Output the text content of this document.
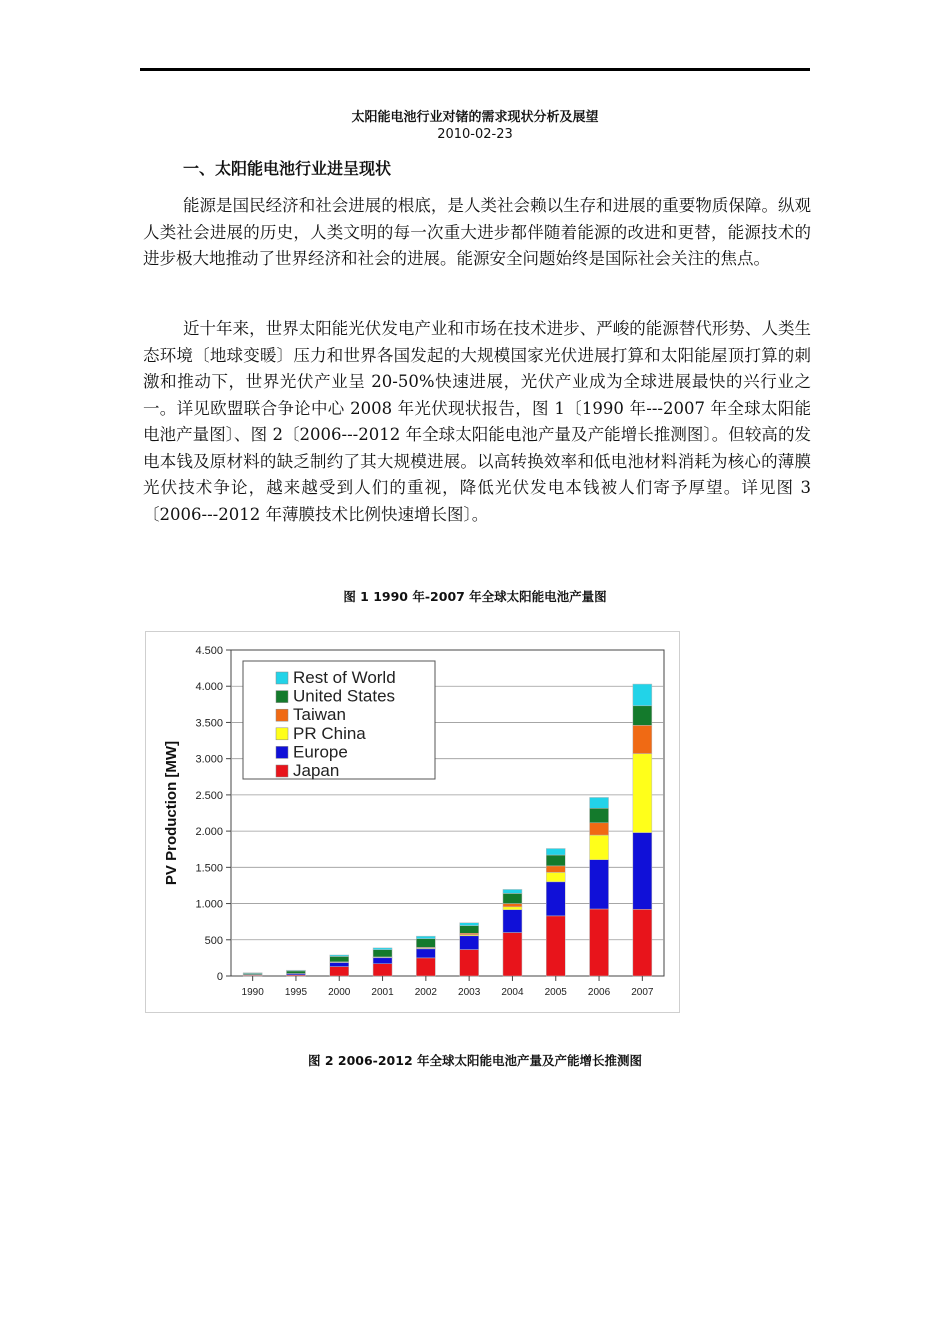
太阳能电池行业对锗的需求现状分析及展望
2010-02-23
一、太阳能电池行业进呈现状

能源是国民经济和社会进展的根底，是人类社会赖以生存和进展的重要物质保障。纵观人类社会进展的历史，人类文明的每一次重大进步都伴随着能源的改进和更替，能源技术的进步极大地推动了世界经济和社会的进展。能源安全问题始终是国际社会关注的焦点。

近十年来，世界太阳能光伏发电产业和市场在技术进步、严峻的能源替代形势、人类生态环境〔地球变暖〕压力和世界各国发起的大规模国家光伏进展打算和太阳能屋顶打算的刺激和推动下，世界光伏产业呈 20-50%快速进展，光伏产业成为全球进展最快的兴行业之一。详见欧盟联合争论中心 2008 年光伏现状报告，图 1〔1990 年---2007 年全球太阳能电池产量图〕、图 2〔2006---2012 年全球太阳能电池产量及产能增长推测图〕。但较高的发电本钱及原材料的缺乏制约了其大规模进展。以高转换效率和低电池材料消耗为核心的薄膜光伏技术争论，越来越受到人们的重视，降低光伏发电本钱被人们寄予厚望。详见图 3〔2006---2012 年薄膜技术比例快速增长图〕。

图 1 1990 年-2007 年全球太阳能电池产量图
0
500
1.000
1.500
2.000
2.500
3.000
3.500
4.000
4.500
PV Production [MW]
1990 1995 2000 2001 2002 2003 2004 2005 2006 2007
Rest of World
United States
Taiwan
PR China
Europe
Japan
图 2 2006-2012 年全球太阳能电池产量及产能增长推测图
